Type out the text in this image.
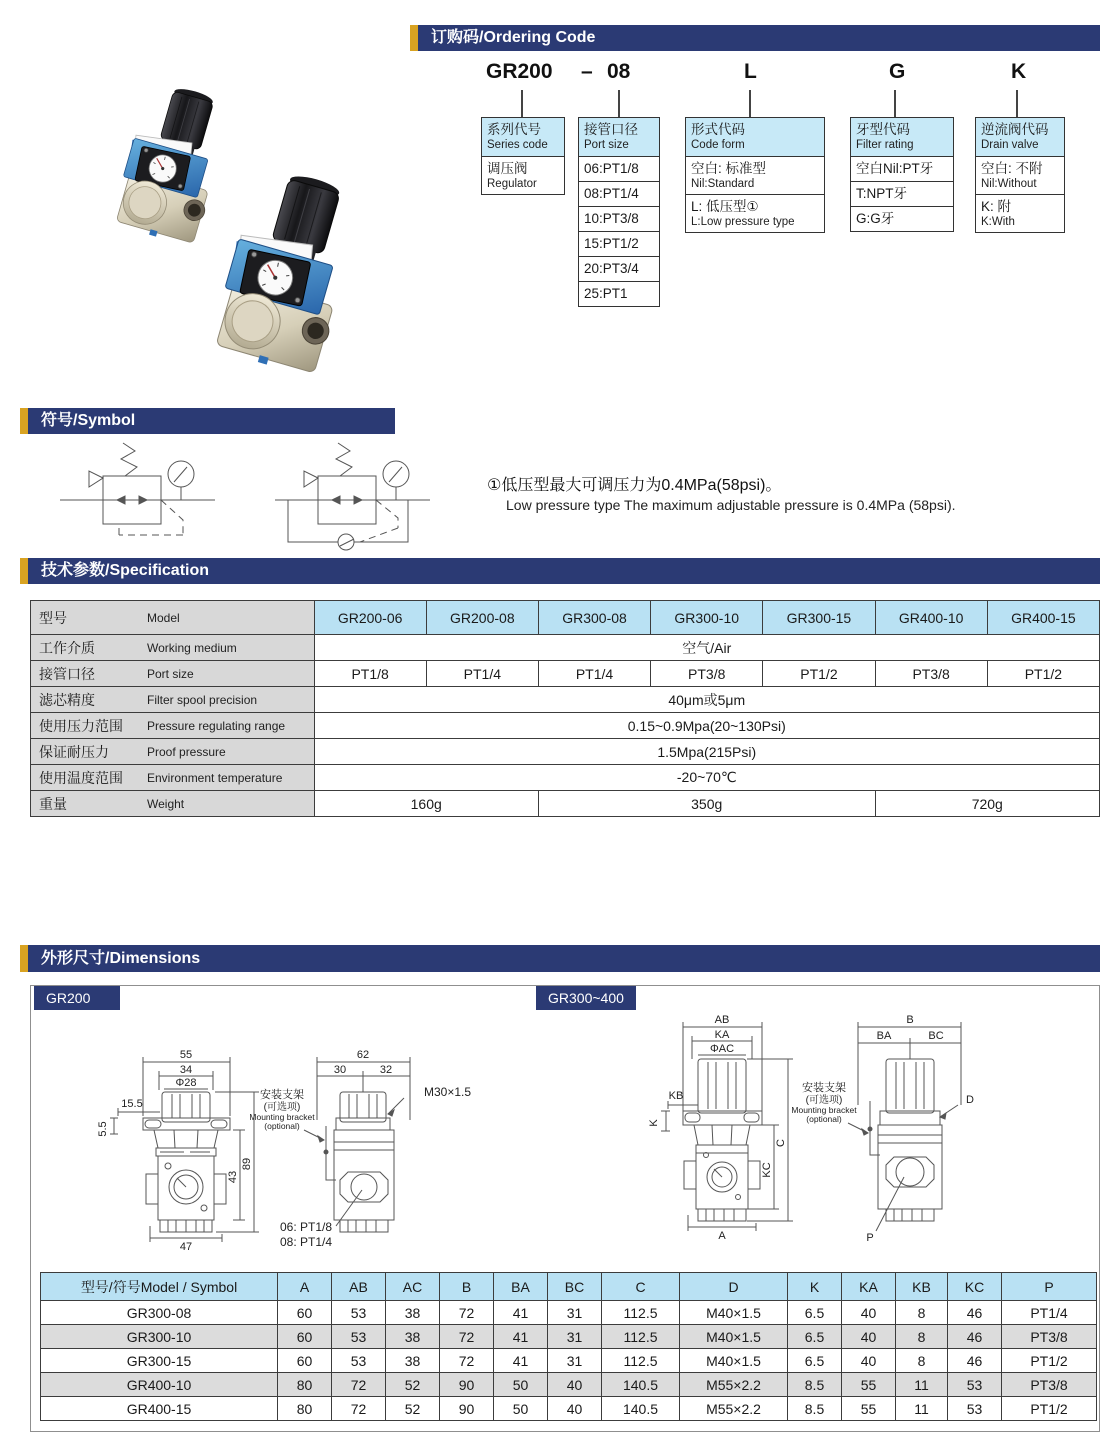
订购码/Ordering Code
GR200 – 08	L	G	K
系列代号
Series code
调压阀
Regulator
接管口径
Port size
06:PT1/8
08:PT1/4
10:PT3/8
15:PT1/2
20:PT3/4
25:PT1
形式代码
Code form
空白: 标准型
Nil:Standard
L: 低压型①
L:Low pressure type
牙型代码
Filter rating
空白Nil:PT牙
T:NPT牙
G:G牙
逆流阀代码
Drain valve
空白: 不附
Nil:Without
K: 附
K:With
符号/Symbol
①低压型最大可调压力为0.4MPa(58psi)。
Low pressure type The maximum adjustable pressure is 0.4MPa (58psi).
技术参数/Specification
型号 Model	GR200-06	GR200-08	GR300-08	GR300-10	GR300-15	GR400-10	GR400-15

工作介质 Working medium	空气/Air						

接管口径 Port size	PT1/8	PT1/4	PT1/4	PT3/8	PT1/2	PT3/8	PT1/2

滤芯精度 Filter spool precision	40μm或5μm						

使用压力范围 Pressure regulating range	0.15~0.9Mpa(20~130Psi)						

保证耐压力 Proof pressure	1.5Mpa(215Psi)						

使用温度范围 Environment temperature	-20~70℃						

重量 Weight	160g		350g			720g	
外形尺寸/Dimensions
GR200	GR300~400
55
34
Φ28
15.5
5.5
43
89
47
62
30	32
M30×1.5
安装支架
(可选项)
Mounting bracket
(optional)
06: PT1/8
08: PT1/4
AB
KA
ΦAC
KB
K
KC
C
A
B
BA	BC
D
P
安装支架
(可选项)
Mounting bracket
(optional)
型号/符号Model / Symbol	A	AB	AC	B	BA	BC	C	D	K	KA	KB	KC	P
GR300-08	60	53	38	72	41	31	112.5	M40×1.5	6.5	40	8	46	PT1/4
GR300-10	60	53	38	72	41	31	112.5	M40×1.5	6.5	40	8	46	PT3/8
GR300-15	60	53	38	72	41	31	112.5	M40×1.5	6.5	40	8	46	PT1/2
GR400-10	80	72	52	90	50	40	140.5	M55×2.2	8.5	55	11	53	PT3/8
GR400-15	80	72	52	90	50	40	140.5	M55×2.2	8.5	55	11	53	PT1/2
